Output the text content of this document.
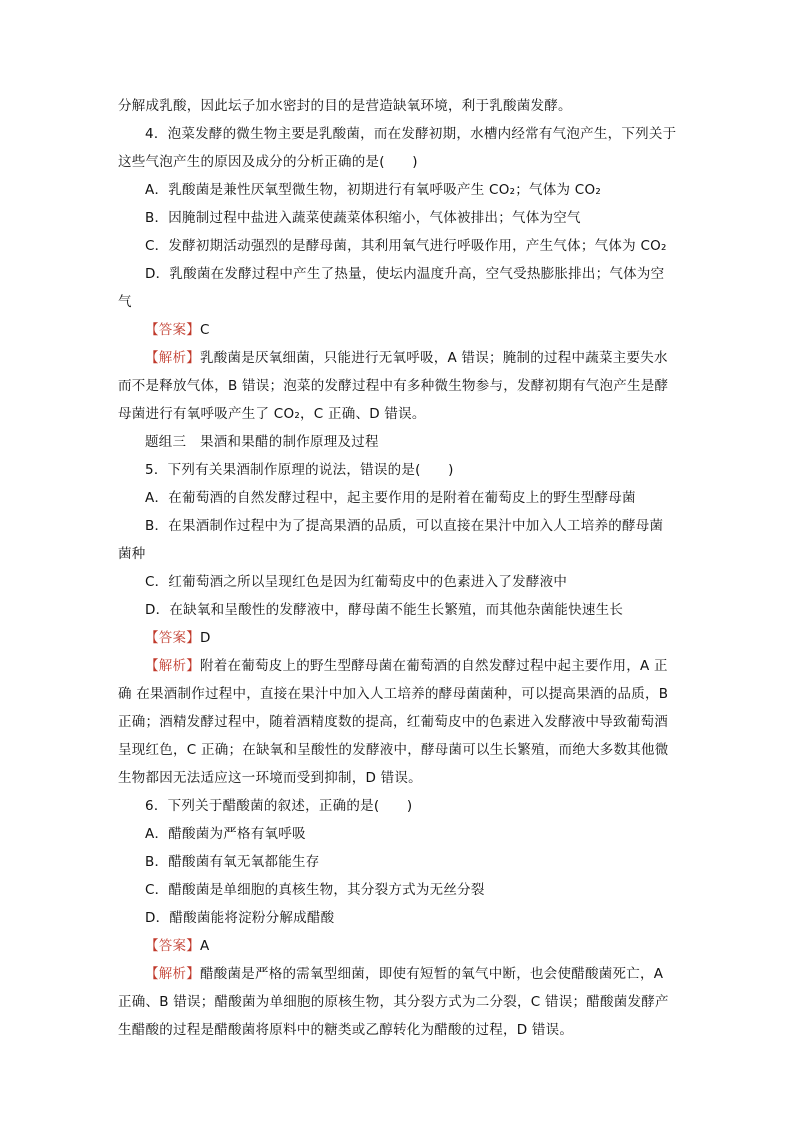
分解成乳酸，因此坛子加水密封的目的是营造缺氧环境，利于乳酸菌发酵。
4．泡菜发酵的微生物主要是乳酸菌，而在发酵初期，水槽内经常有气泡产生，下列关于
这些气泡产生的原因及成分的分析正确的是(　　)
A．乳酸菌是兼性厌氧型微生物，初期进行有氧呼吸产生 CO₂；气体为 CO₂
B．因腌制过程中盐进入蔬菜使蔬菜体积缩小，气体被排出；气体为空气
C．发酵初期活动强烈的是酵母菌，其利用氧气进行呼吸作用，产生气体；气体为 CO₂
D．乳酸菌在发酵过程中产生了热量，使坛内温度升高，空气受热膨胀排出；气体为空
气
【答案】C
【解析】乳酸菌是厌氧细菌，只能进行无氧呼吸，A 错误；腌制的过程中蔬菜主要失水
而不是释放气体，B 错误；泡菜的发酵过程中有多种微生物参与，发酵初期有气泡产生是酵
母菌进行有氧呼吸产生了 CO₂，C 正确、D 错误。
题组三　果酒和果醋的制作原理及过程
5．下列有关果酒制作原理的说法，错误的是(　　)
A．在葡萄酒的自然发酵过程中，起主要作用的是附着在葡萄皮上的野生型酵母菌
B．在果酒制作过程中为了提高果酒的品质，可以直接在果汁中加入人工培养的酵母菌
菌种
C．红葡萄酒之所以呈现红色是因为红葡萄皮中的色素进入了发酵液中
D．在缺氧和呈酸性的发酵液中，酵母菌不能生长繁殖，而其他杂菌能快速生长
【答案】D
【解析】附着在葡萄皮上的野生型酵母菌在葡萄酒的自然发酵过程中起主要作用，A 正
确 在果酒制作过程中，直接在果汁中加入人工培养的酵母菌菌种，可以提高果酒的品质，B
正确；酒精发酵过程中，随着酒精度数的提高，红葡萄皮中的色素进入发酵液中导致葡萄酒
呈现红色，C 正确；在缺氧和呈酸性的发酵液中，酵母菌可以生长繁殖，而绝大多数其他微
生物都因无法适应这一环境而受到抑制，D 错误。
6．下列关于醋酸菌的叙述，正确的是(　　)
A．醋酸菌为严格有氧呼吸
B．醋酸菌有氧无氧都能生存
C．醋酸菌是单细胞的真核生物，其分裂方式为无丝分裂
D．醋酸菌能将淀粉分解成醋酸
【答案】A
【解析】醋酸菌是严格的需氧型细菌，即使有短暂的氧气中断，也会使醋酸菌死亡，A
正确、B 错误；醋酸菌为单细胞的原核生物，其分裂方式为二分裂，C 错误；醋酸菌发酵产
生醋酸的过程是醋酸菌将原料中的糖类或乙醇转化为醋酸的过程，D 错误。
